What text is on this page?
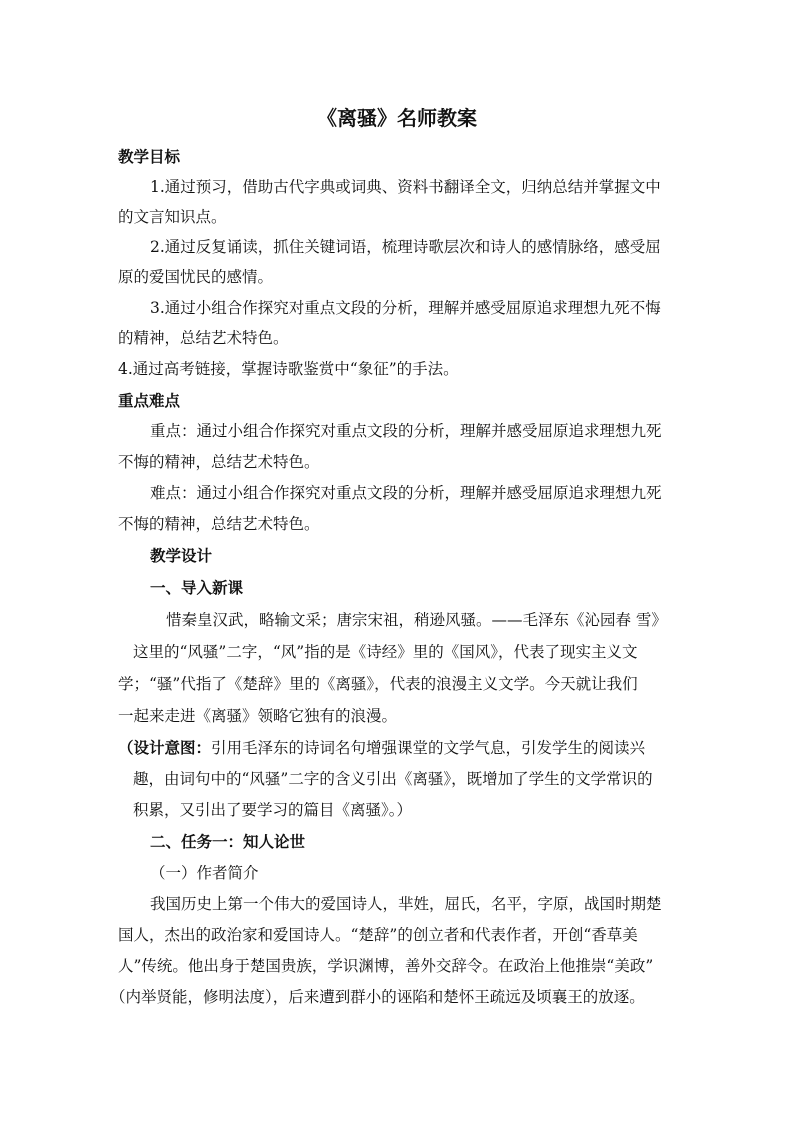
《离骚》名师教案
教学目标
1.通过预习，借助古代字典或词典、资料书翻译全文，归纳总结并掌握文中
的文言知识点。
2.通过反复诵读，抓住关键词语，梳理诗歌层次和诗人的感情脉络，感受屈
原的爱国忧民的感情。
3.通过小组合作探究对重点文段的分析，理解并感受屈原追求理想九死不悔
的精神，总结艺术特色。
4.通过高考链接，掌握诗歌鉴赏中“象征”的手法。
重点难点
重点：通过小组合作探究对重点文段的分析，理解并感受屈原追求理想九死
不悔的精神，总结艺术特色。
难点：通过小组合作探究对重点文段的分析，理解并感受屈原追求理想九死
不悔的精神，总结艺术特色。
教学设计
一、导入新课
惜秦皇汉武，略输文采；唐宗宋祖，稍逊风骚。——毛泽东《沁园春 雪》
这里的“风骚”二字，“风”指的是《诗经》里的《国风》，代表了现实主义文
学；“骚”代指了《楚辞》里的《离骚》，代表的浪漫主义文学。今天就让我们
一起来走进《离骚》领略它独有的浪漫。
（设计意图：引用毛泽东的诗词名句增强课堂的文学气息，引发学生的阅读兴
趣，由词句中的“风骚”二字的含义引出《离骚》，既增加了学生的文学常识的
积累，又引出了要学习的篇目《离骚》。）
二、任务一：知人论世
（一）作者简介
我国历史上第一个伟大的爱国诗人，芈姓，屈氏，名平，字原，战国时期楚
国人，杰出的政治家和爱国诗人。“楚辞”的创立者和代表作者，开创“香草美
人”传统。他出身于楚国贵族，学识渊博，善外交辞令。在政治上他推崇“美政”
（内举贤能，修明法度），后来遭到群小的诬陷和楚怀王疏远及顷襄王的放逐。
